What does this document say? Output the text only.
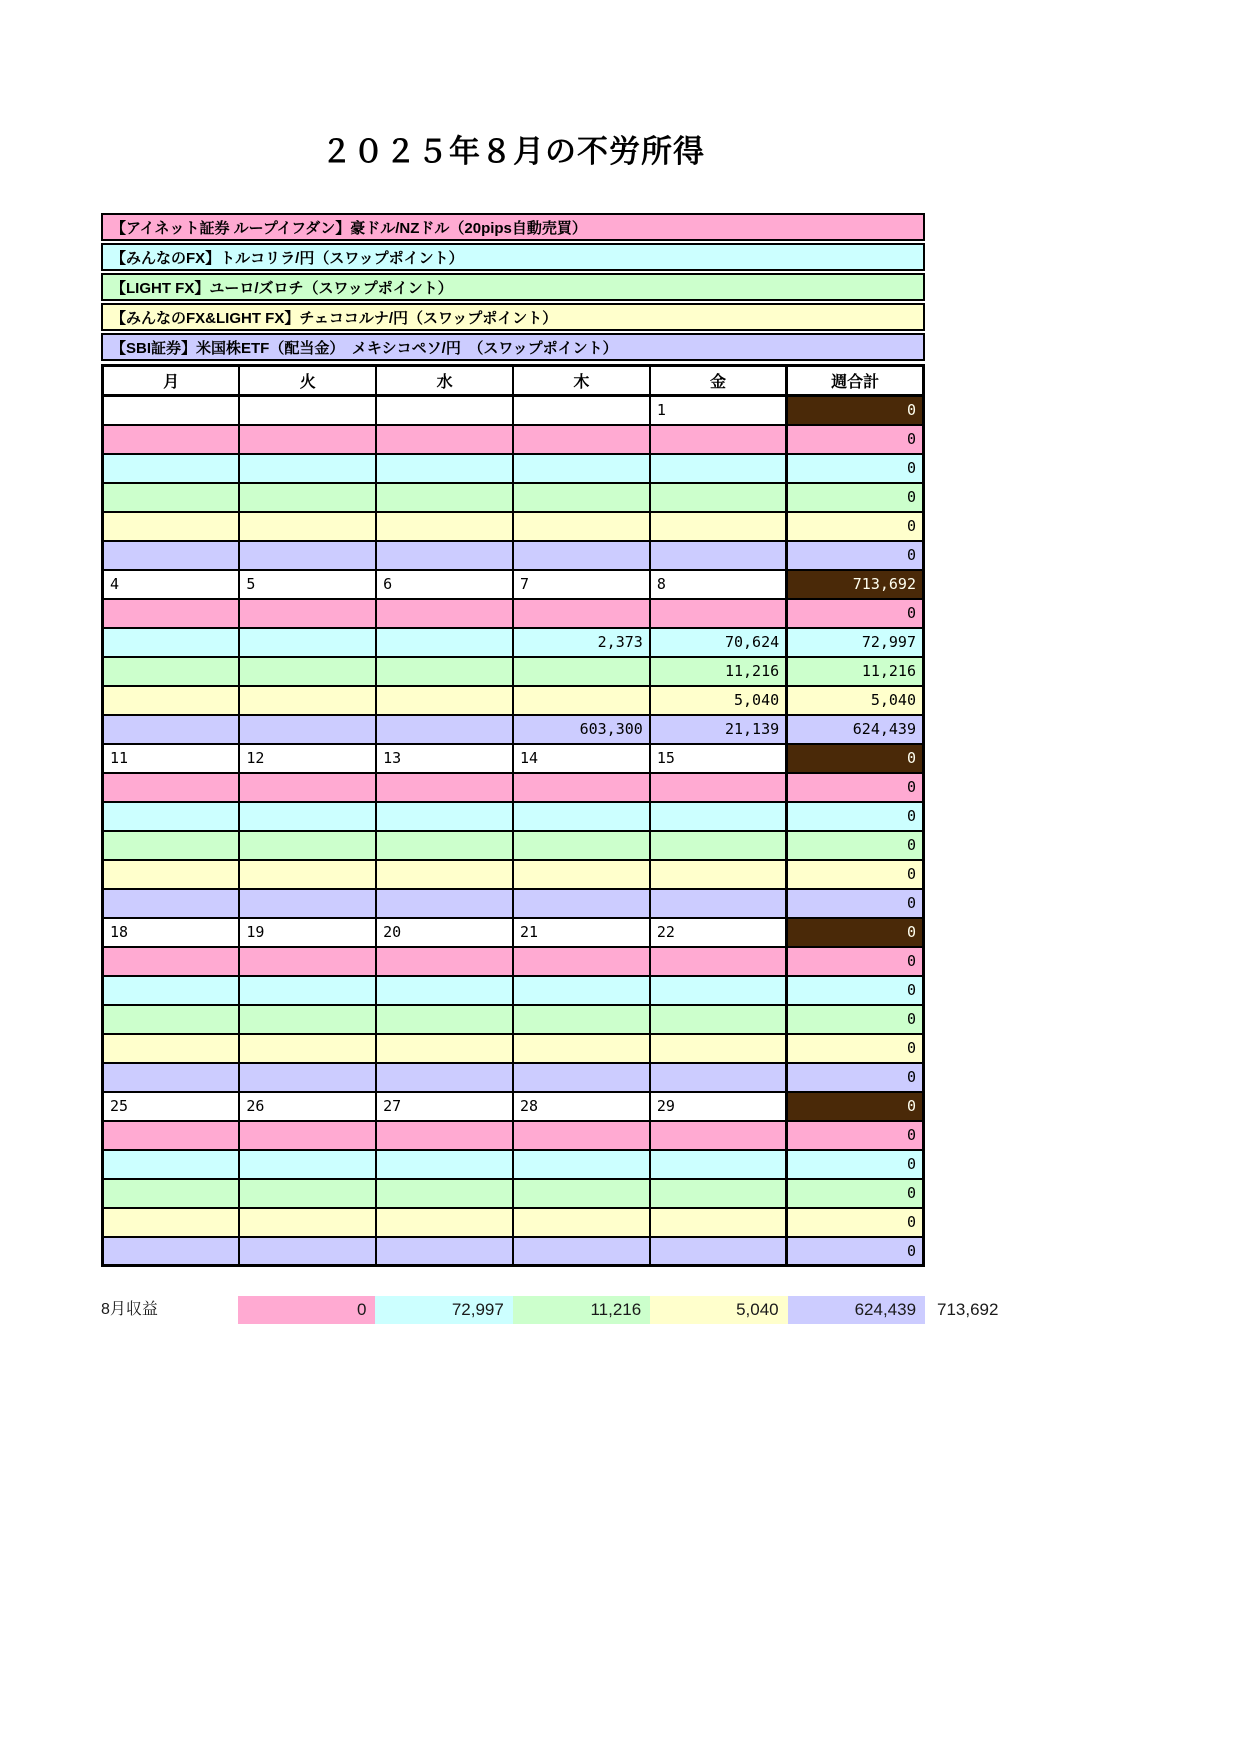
２０２５年８月の不労所得
【アイネット証券 ループイフダン】豪ドル/NZドル（20pips自動売買）
【みんなのFX】トルコリラ/円（スワップポイント）
【LIGHT FX】ユーロ/ズロチ（スワップポイント）
【みんなのFX&LIGHT FX】チェココルナ/円（スワップポイント）
【SBI証券】米国株ETF（配当金）　メキシコペソ/円　（スワップポイント）
月	火	水	木	金	週合計
				1	0
					0
					0
					0
					0
					0
4	5	6	7	8	713,692
					0
			2,373	70,624	72,997
				11,216	11,216
				5,040	5,040
			603,300	21,139	624,439
11	12	13	14	15	0
					0
					0
					0
					0
					0
18	19	20	21	22	0
					0
					0
					0
					0
					0
25	26	27	28	29	0
					0
					0
					0
					0
					0
8月収益	0	72,997	11,216	5,040	624,439	713,692
